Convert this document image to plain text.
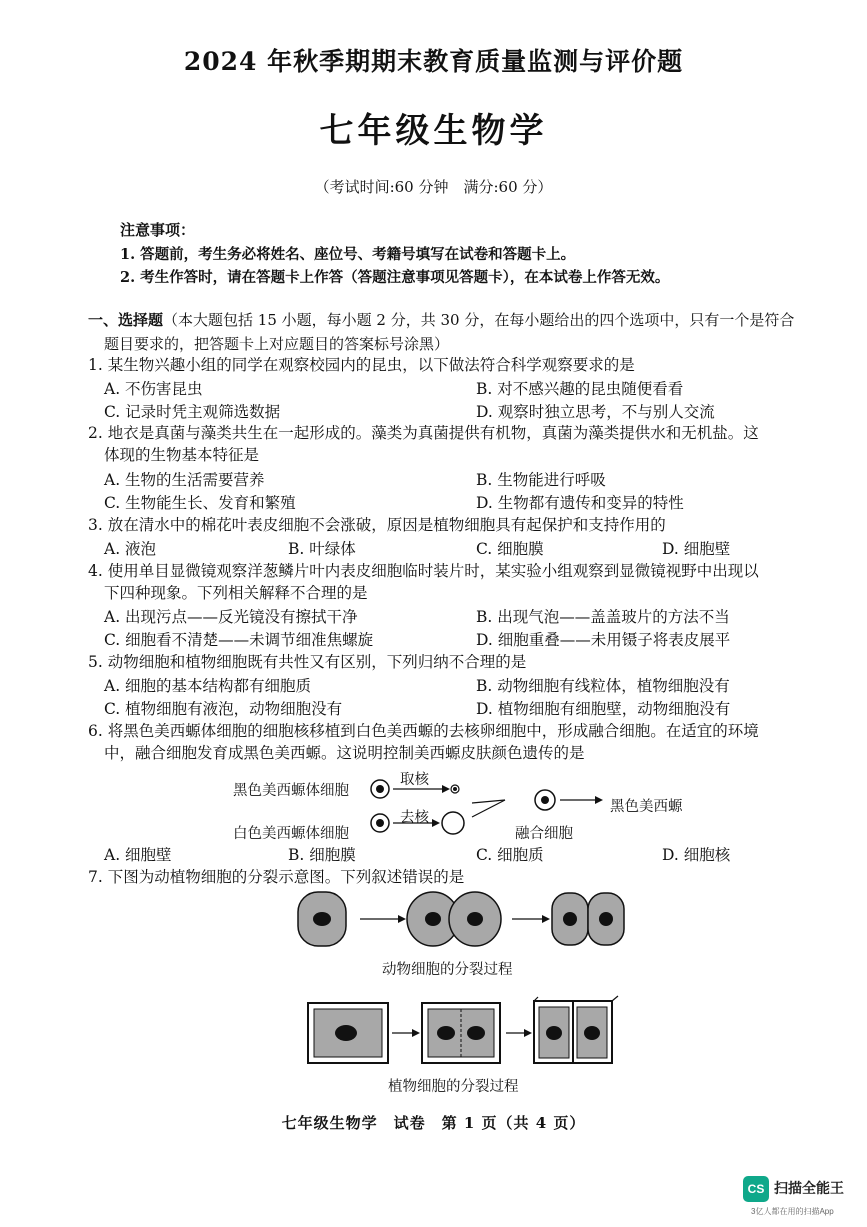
2024 年秋季期期末教育质量监测与评价题
七年级生物学
（考试时间:60 分钟　满分:60 分）
注意事项：
1. 答题前，考生务必将姓名、座位号、考籍号填写在试卷和答题卡上。
2. 考生作答时，请在答题卡上作答（答题注意事项见答题卡），在本试卷上作答无效。
一、选择题（本大题包括 15 小题，每小题 2 分，共 30 分，在每小题给出的四个选项中，只有一个是符合
题目要求的，把答题卡上对应题目的答案标号涂黑）
1. 某生物兴趣小组的同学在观察校园内的昆虫，以下做法符合科学观察要求的是
A. 不伤害昆虫	B. 对不感兴趣的昆虫随便看看
C. 记录时凭主观筛选数据	D. 观察时独立思考，不与别人交流
2. 地衣是真菌与藻类共生在一起形成的。藻类为真菌提供有机物，真菌为藻类提供水和无机盐。这
体现的生物基本特征是
A. 生物的生活需要营养	B. 生物能进行呼吸
C. 生物能生长、发育和繁殖	D. 生物都有遗传和变异的特性
3. 放在清水中的棉花叶表皮细胞不会涨破，原因是植物细胞具有起保护和支持作用的
A. 液泡	B. 叶绿体	C. 细胞膜	D. 细胞壁
4. 使用单目显微镜观察洋葱鳞片叶内表皮细胞临时装片时，某实验小组观察到显微镜视野中出现以
下四种现象。下列相关解释不合理的是
A. 出现污点——反光镜没有擦拭干净	B. 出现气泡——盖盖玻片的方法不当
C. 细胞看不清楚——未调节细准焦螺旋	D. 细胞重叠——未用镊子将表皮展平
5. 动物细胞和植物细胞既有共性又有区别，下列归纳不合理的是
A. 细胞的基本结构都有细胞质	B. 动物细胞有线粒体，植物细胞没有
C. 植物细胞有液泡，动物细胞没有	D. 植物细胞有细胞壁，动物细胞没有
6. 将黑色美西螈体细胞的细胞核移植到白色美西螈的去核卵细胞中，形成融合细胞。在适宜的环境
中，融合细胞发育成黑色美西螈。这说明控制美西螈皮肤颜色遗传的是
黑色美西螈体细胞
白色美西螈体细胞
取核
去核
融合细胞
黑色美西螈
A. 细胞壁	B. 细胞膜	C. 细胞质	D. 细胞核
7. 下图为动植物细胞的分裂示意图。下列叙述错误的是
动物细胞的分裂过程
植物细胞的分裂过程
七年级生物学　试卷　第 1 页（共 4 页）
CS 扫描全能王
3亿人都在用的扫描App
